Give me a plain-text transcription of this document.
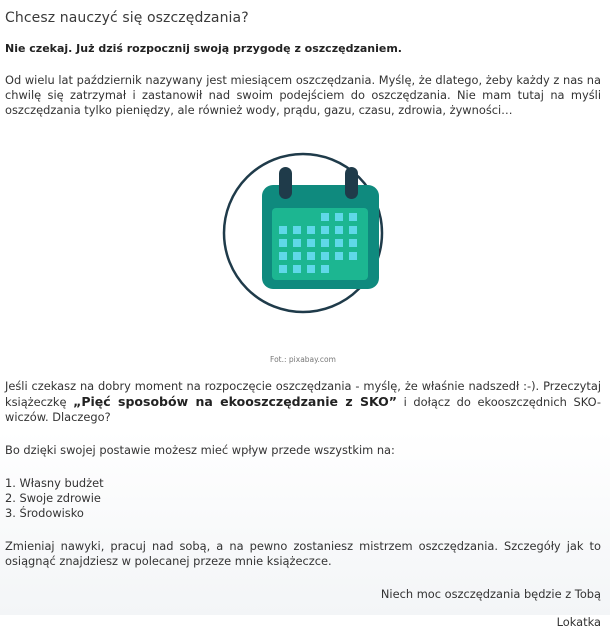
Chcesz nauczyć się oszczędzania?
Nie czekaj. Już dziś rozpocznij swoją przygodę z oszczędzaniem.

Od wielu lat październik nazywany jest miesiącem oszczędzania. Myślę, że dlatego, żeby każdy z nas na chwilę się zatrzymał i zastanowił nad swoim podejściem do oszczędzania. Nie mam tutaj na myśli oszczędzania tylko pieniędzy, ale również wody, prądu, gazu, czasu, zdrowia, żywności…

Fot.: pixabay.com

Jeśli czekasz na dobry moment na rozpoczęcie oszczędzania - myślę, że właśnie nadszedł :-). Przeczytaj książeczkę „Pięć sposobów na ekooszczędzanie z SKO” i dołącz do ekooszczędnich SKO-wiczów. Dlaczego?

Bo dzięki swojej postawie możesz mieć wpływ przede wszystkim na:

1. Własny budżet
2. Swoje zdrowie
3. Środowisko

Zmieniaj nawyki, pracuj nad sobą, a na pewno zostaniesz mistrzem oszczędzania. Szczegóły jak to osiągnąć znajdziesz w polecanej przeze mnie książeczce.

Niech moc oszczędzania będzie z Tobą
Lokatka
